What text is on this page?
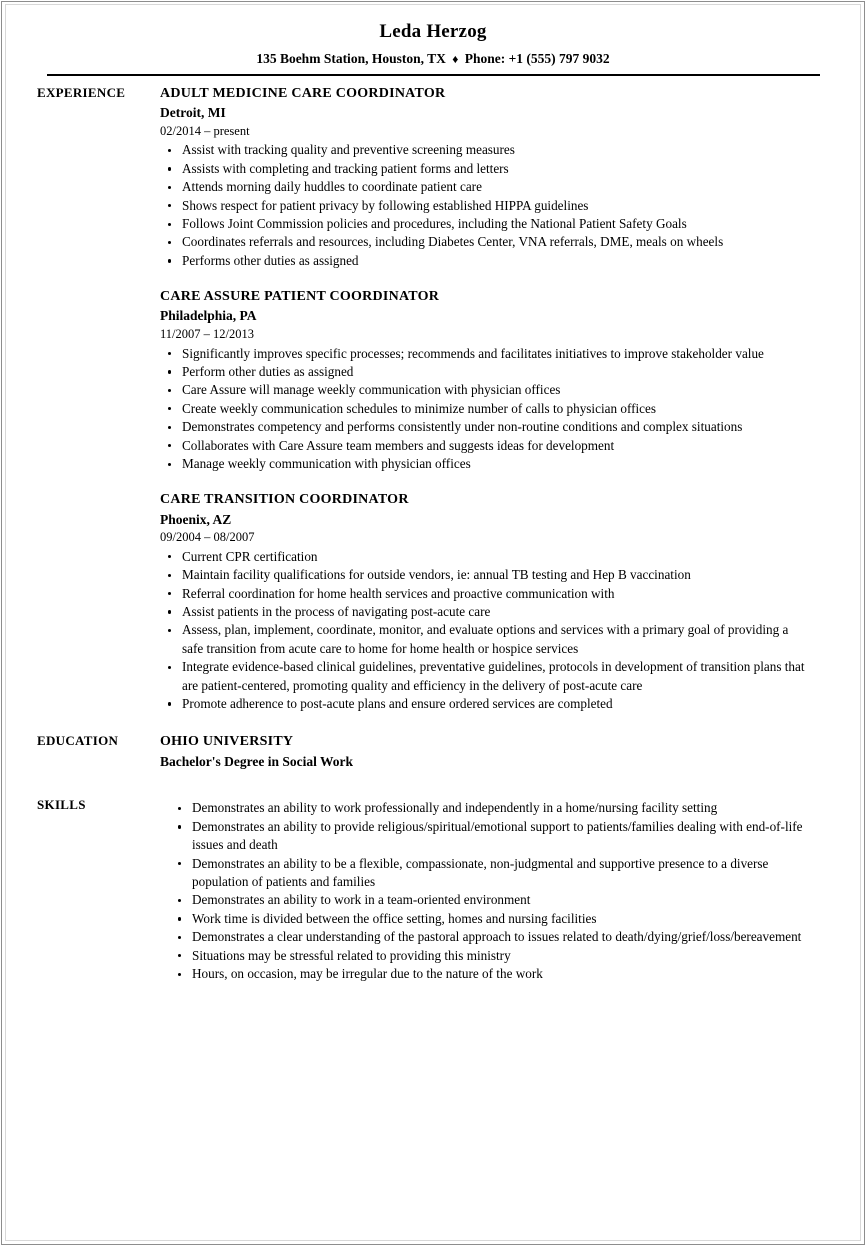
Leda Herzog
135 Boehm Station, Houston, TX ♦ Phone: +1 (555) 797 9032
EXPERIENCE	ADULT MEDICINE CARE COORDINATOR
Detroit, MI
02/2014 – present
Assist with tracking quality and preventive screening measures
Assists with completing and tracking patient forms and letters
Attends morning daily huddles to coordinate patient care
Shows respect for patient privacy by following established HIPPA guidelines
Follows Joint Commission policies and procedures, including the National Patient Safety Goals
Coordinates referrals and resources, including Diabetes Center, VNA referrals, DME, meals on wheels
Performs other duties as assigned
CARE ASSURE PATIENT COORDINATOR
Philadelphia, PA
11/2007 – 12/2013
Significantly improves specific processes; recommends and facilitates initiatives to improve stakeholder value
Perform other duties as assigned
Care Assure will manage weekly communication with physician offices
Create weekly communication schedules to minimize number of calls to physician offices
Demonstrates competency and performs consistently under non-routine conditions and complex situations
Collaborates with Care Assure team members and suggests ideas for development
Manage weekly communication with physician offices
CARE TRANSITION COORDINATOR
Phoenix, AZ
09/2004 – 08/2007
Current CPR certification
Maintain facility qualifications for outside vendors, ie: annual TB testing and Hep B vaccination
Referral coordination for home health services and proactive communication with
Assist patients in the process of navigating post-acute care
Assess, plan, implement, coordinate, monitor, and evaluate options and services with a primary goal of providing a safe transition from acute care to home for home health or hospice services
Integrate evidence-based clinical guidelines, preventative guidelines, protocols in development of transition plans that are patient-centered, promoting quality and efficiency in the delivery of post-acute care
Promote adherence to post-acute plans and ensure ordered services are completed
EDUCATION	OHIO UNIVERSITY
Bachelor's Degree in Social Work
SKILLS	Demonstrates an ability to work professionally and independently in a home/nursing facility setting
Demonstrates an ability to provide religious/spiritual/emotional support to patients/families dealing with end-of-life issues and death
Demonstrates an ability to be a flexible, compassionate, non-judgmental and supportive presence to a diverse population of patients and families
Demonstrates an ability to work in a team-oriented environment
Work time is divided between the office setting, homes and nursing facilities
Demonstrates a clear understanding of the pastoral approach to issues related to death/dying/grief/loss/bereavement
Situations may be stressful related to providing this ministry
Hours, on occasion, may be irregular due to the nature of the work
